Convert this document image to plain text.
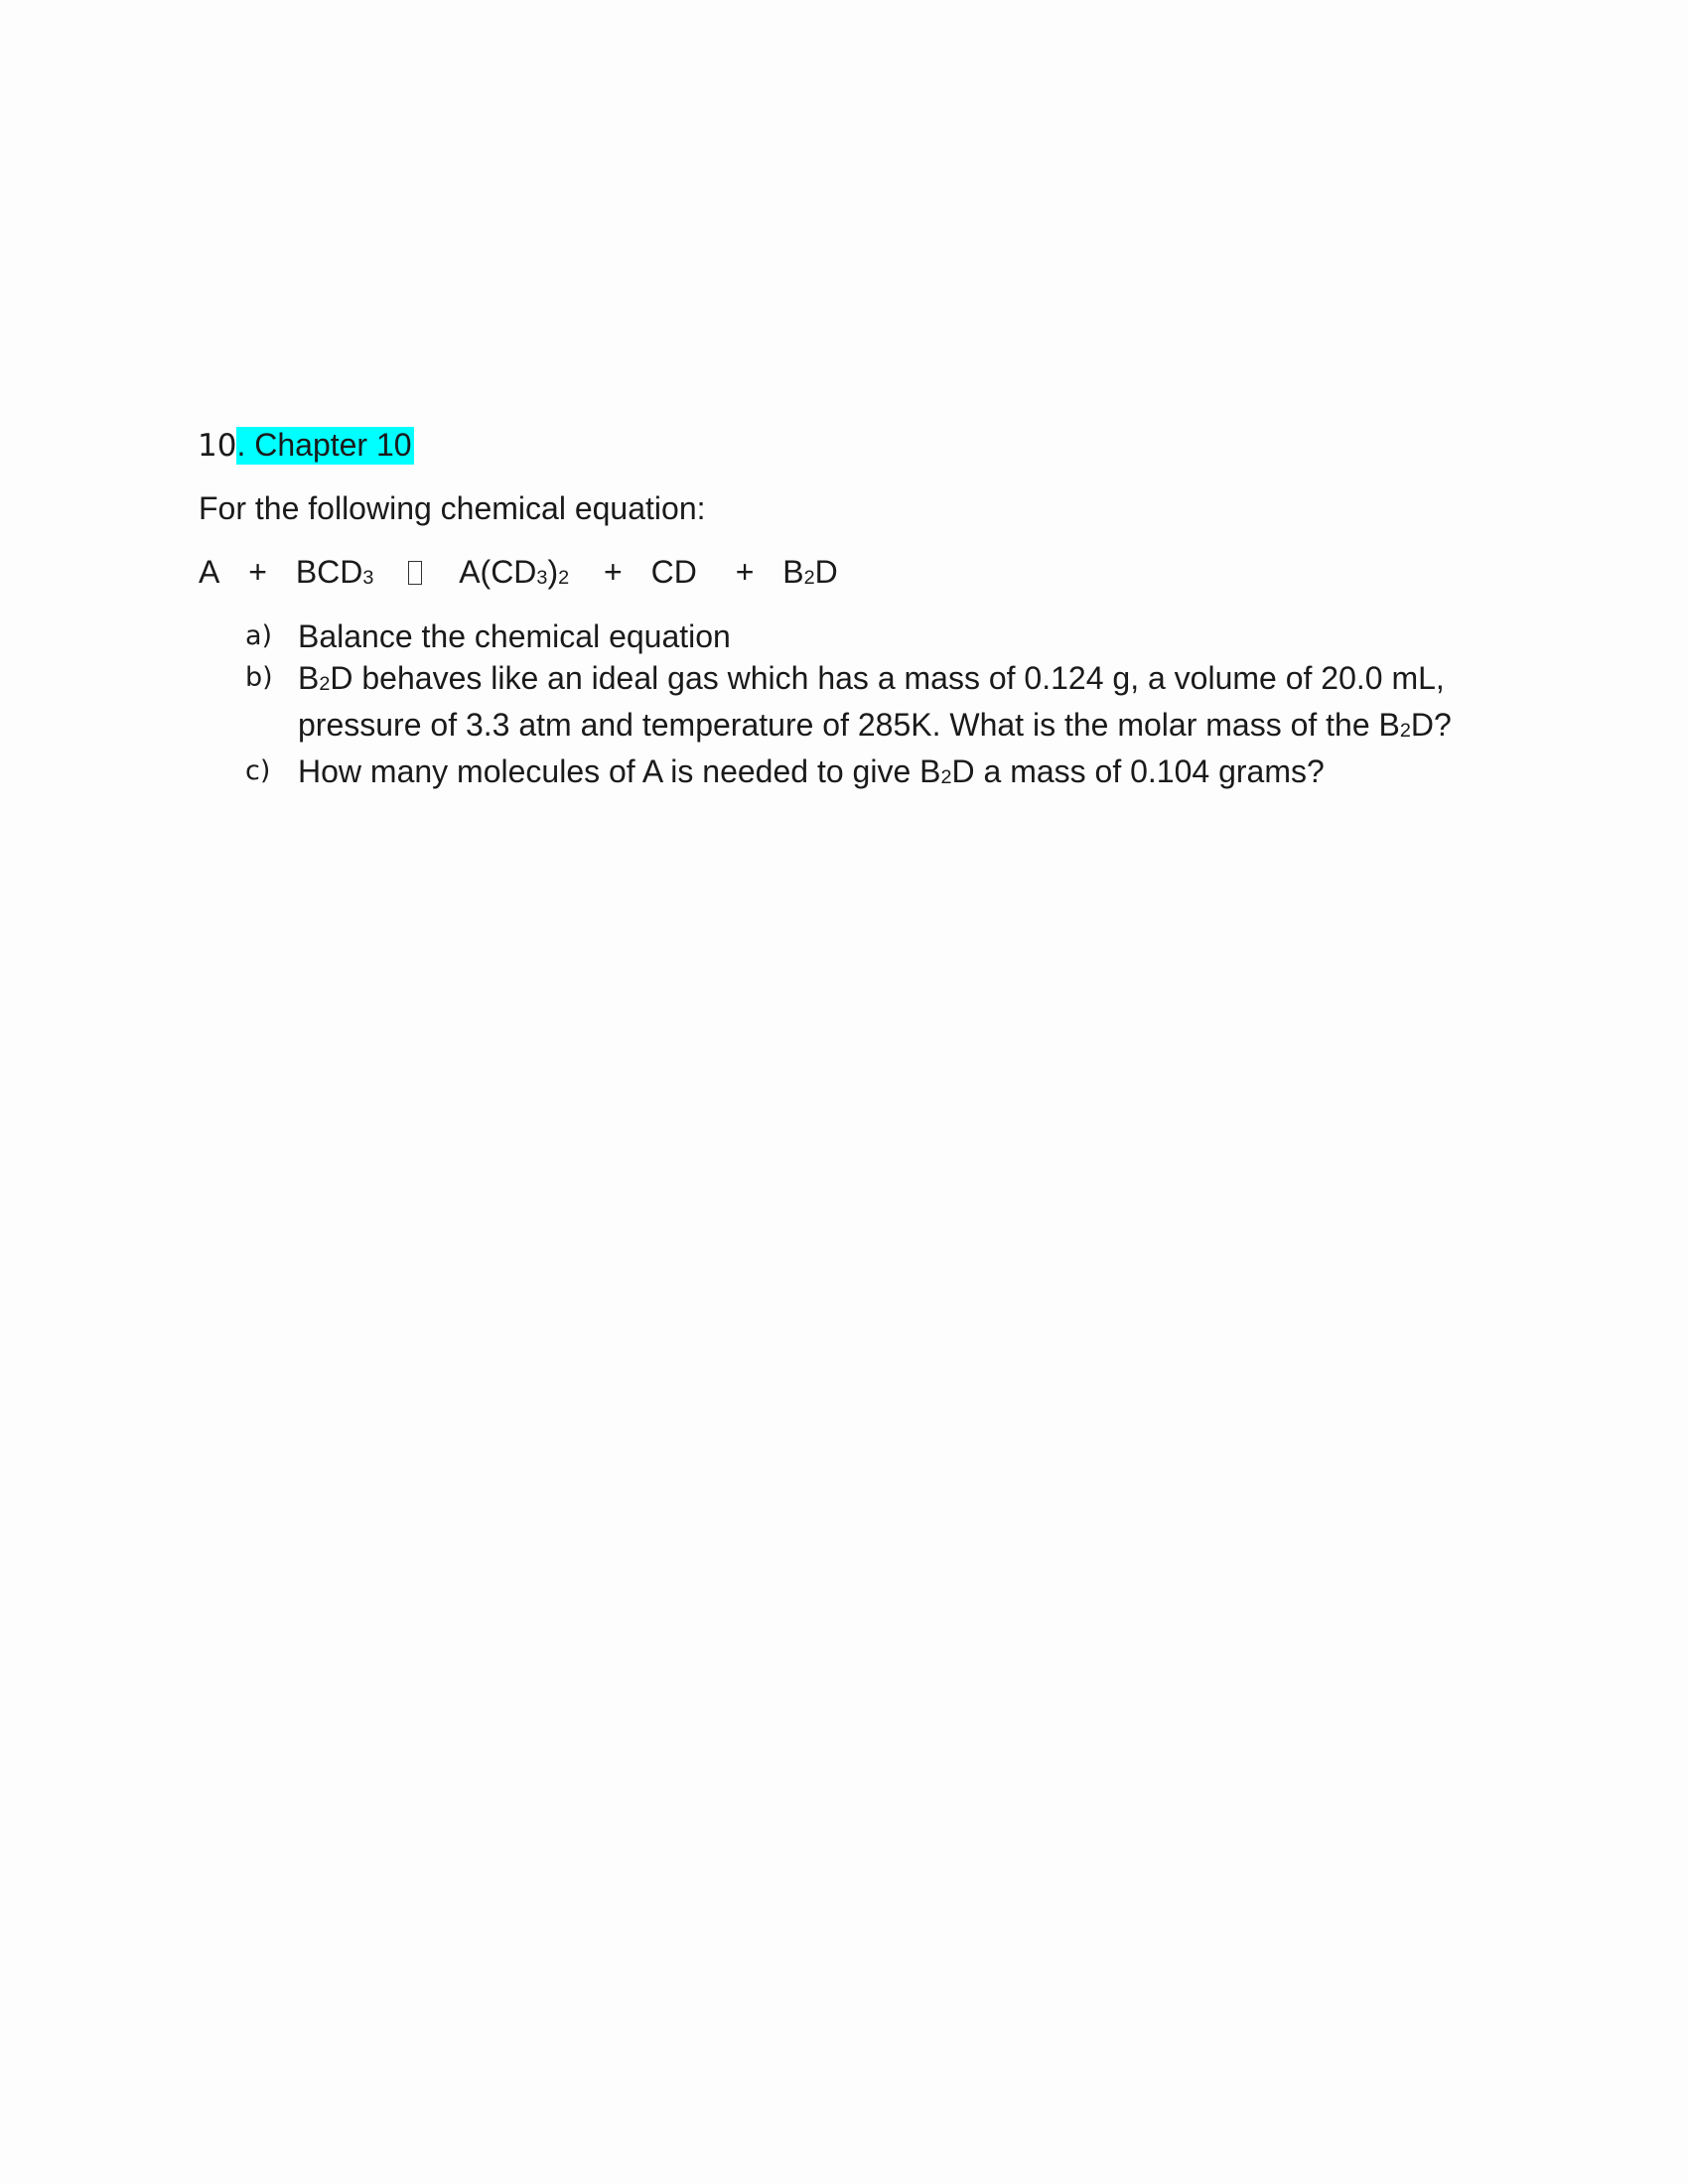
10. Chapter 10
For the following chemical equation:
$A + BCD_3$	$A(CD_3)_2$ + CD + $B_2D$
a) Balance the chemical equation
b) $B_2D$ behaves like an ideal gas which has a mass of 0.124 g, a volume of 20.0 mL, pressure of 3.3 atm and temperature of 285K. What is the molar mass of the $B_2D$?
c) How many molecules of A is needed to give $B_2D$ a mass of 0.104 grams?
